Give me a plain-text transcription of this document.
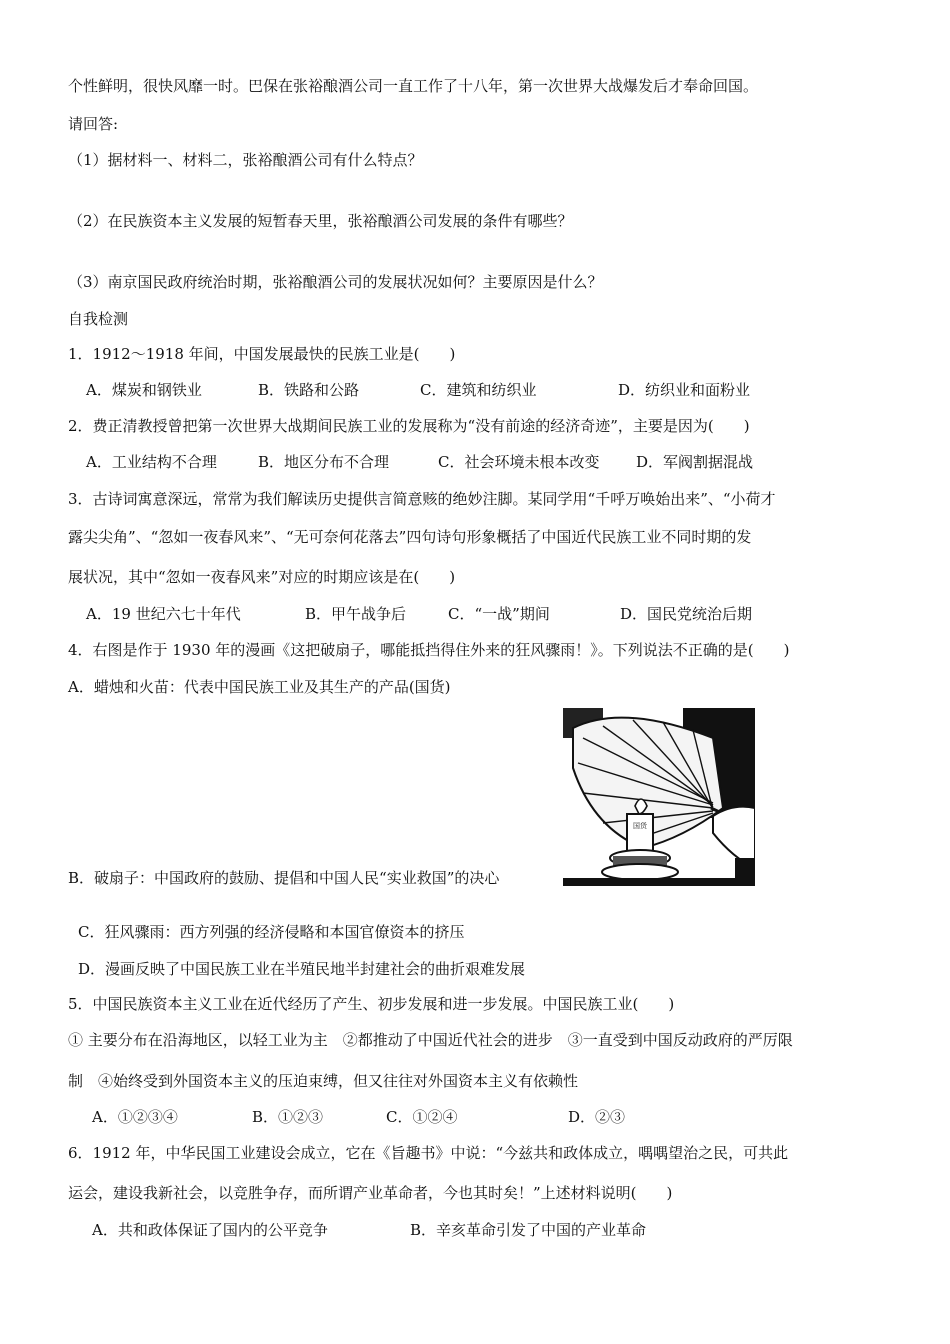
个性鲜明，很快风靡一时。巴保在张裕酿酒公司一直工作了十八年，第一次世界大战爆发后才奉命回国。
请回答:
（1）据材料一、材料二，张裕酿酒公司有什么特点？
（2）在民族资本主义发展的短暂春天里，张裕酿酒公司发展的条件有哪些？
（3）南京国民政府统治时期，张裕酿酒公司的发展状况如何？主要原因是什么？
自我检测
1．1912～1918 年间，中国发展最快的民族工业是(　　)
A．煤炭和钢铁业	B．铁路和公路	C．建筑和纺织业	D．纺织业和面粉业
2．费正清教授曾把第一次世界大战期间民族工业的发展称为“没有前途的经济奇迹”，主要是因为(　　)
A．工业结构不合理	B．地区分布不合理	C．社会环境未根本改变 D．军阀割据混战
3．古诗词寓意深远，常常为我们解读历史提供言简意赅的绝妙注脚。某同学用“千呼万唤始出来”、“小荷才
露尖尖角”、“忽如一夜春风来”、“无可奈何花落去”四句诗句形象概括了中国近代民族工业不同时期的发
展状况，其中“忽如一夜春风来”对应的时期应该是在(　　)
A．19 世纪六七十年代	B．甲午战争后	C．“一战”期间	D．国民党统治后期
4．右图是作于 1930 年的漫画《这把破扇子，哪能抵挡得住外来的狂风骤雨！》。下列说法不正确的是(　　)
A．蜡烛和火苗：代表中国民族工业及其生产的产品(国货)
国货
B．破扇子：中国政府的鼓励、提倡和中国人民“实业救国”的决心
C．狂风骤雨：西方列强的经济侵略和本国官僚资本的挤压
D．漫画反映了中国民族工业在半殖民地半封建社会的曲折艰难发展
5．中国民族资本主义工业在近代经历了产生、初步发展和进一步发展。中国民族工业(　　)
① 主要分布在沿海地区，以轻工业为主　②都推动了中国近代社会的进步　③一直受到中国反动政府的严厉限
制　④始终受到外国资本主义的压迫束缚，但又往往对外国资本主义有依赖性
A．①②③④	B．①②③	C．①②④	D．②③
6．1912 年，中华民国工业建设会成立，它在《旨趣书》中说：“今兹共和政体成立，喁喁望治之民，可共此
运会，建设我新社会，以竞胜争存，而所谓产业革命者，今也其时矣！”上述材料说明(　　)
A．共和政体保证了国内的公平竞争	B．辛亥革命引发了中国的产业革命
